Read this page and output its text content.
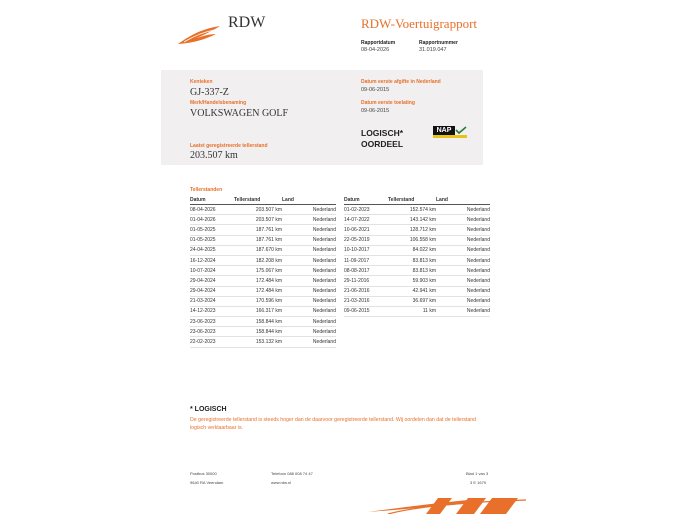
RDW	RDW-Voertuigrapport
Rapportdatum
08-04-2026
Rapportnummer
31.019.047
Kenteken
GJ-337-Z
Merk/Handelsbenaming
VOLKSWAGEN GOLF
Laatst geregistreerde tellerstand
203.507 km
Datum eerste afgifte in Nederland
09-06-2015
Datum eerste toelating
09-06-2015
LOGISCH*
OORDEEL
NAP
Tellerstanden
Datum	Tellerstand	Land
08-04-2026	203.507 km	Nederland
01-04-2026	203.507 km	Nederland
01-05-2025	187.761 km	Nederland
01-05-2025	187.761 km	Nederland
24-04-2025	187.670 km	Nederland
16-12-2024	182.208 km	Nederland
10-07-2024	175.067 km	Nederland
29-04-2024	172.484 km	Nederland
29-04-2024	172.484 km	Nederland
21-03-2024	170.596 km	Nederland
14-12-2023	166.317 km	Nederland
23-06-2023	158.844 km	Nederland
23-06-2023	158.844 km	Nederland
22-02-2023	153.132 km	Nederland
Datum	Tellerstand	Land
01-02-2023	152.574 km	Nederland
14-07-2022	143.142 km	Nederland
10-06-2021	128.712 km	Nederland
22-05-2019	106.558 km	Nederland
10-10-2017	84.022 km	Nederland
11-09-2017	83.813 km	Nederland
08-08-2017	83.813 km	Nederland
29-11-2016	59.903 km	Nederland
21-06-2016	42.941 km	Nederland
21-03-2016	36.697 km	Nederland
09-06-2015	11 km	Nederland
* LOGISCH
De geregistreerde tellerstand is steeds hoger dan de daarvoor geregistreerde tellerstand. Wij oordelen dan dat de tellerstand logisch verklaarbaar is.
Postbus 30000
9640 RA Veendam
Telefoon 088 008 74 47
www.rdw.nl
Blad 1 van 3
3 E 1679
